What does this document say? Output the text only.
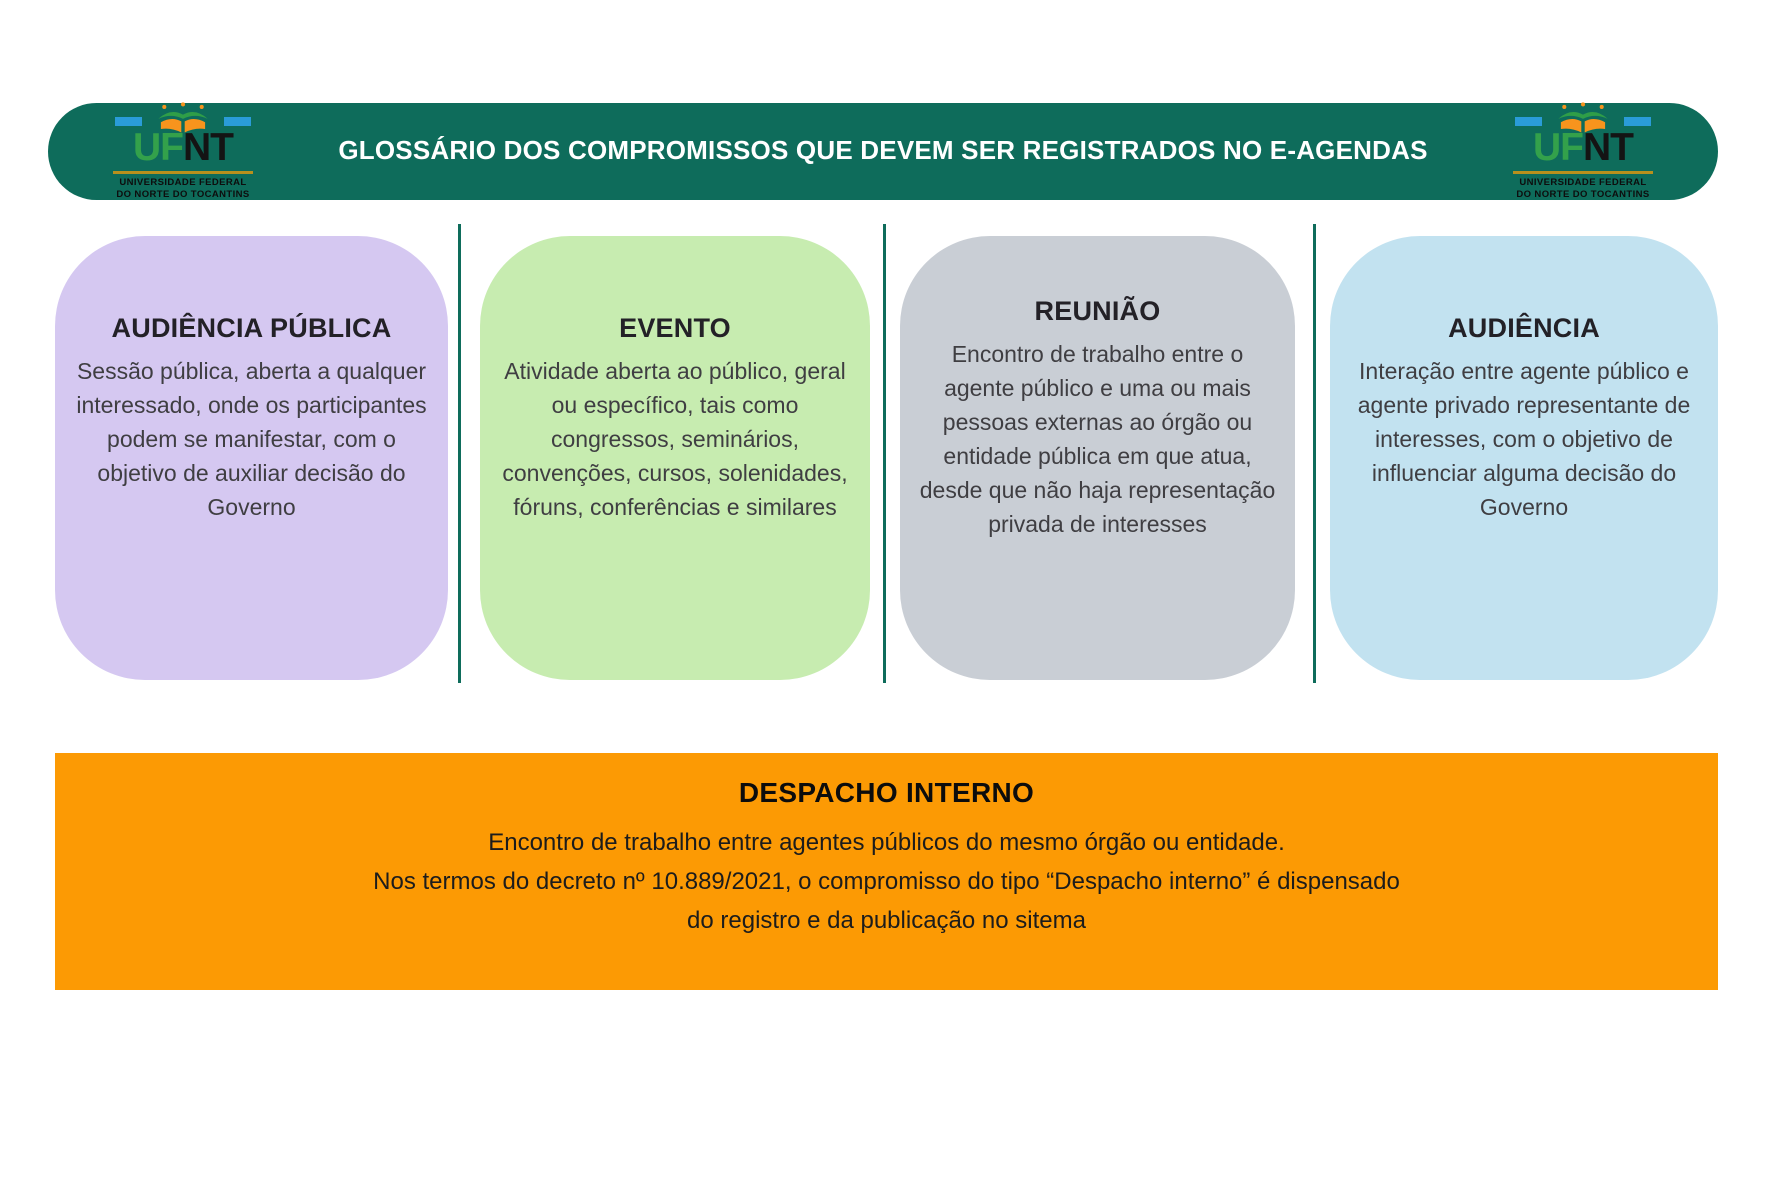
UFNT
UNIVERSIDADE FEDERAL
DO NORTE DO TOCANTINS
GLOSSÁRIO DOS COMPROMISSOS QUE DEVEM SER REGISTRADOS NO E-AGENDAS	UFNT
UNIVERSIDADE FEDERAL
DO NORTE DO TOCANTINS
AUDIÊNCIA PÚBLICA

Sessão pública, aberta a qualquer interessado, onde os participantes podem se manifestar, com o objetivo de auxiliar decisão do Governo

EVENTO

Atividade aberta ao público, geral ou específico, tais como congressos, seminários, convenções, cursos, solenidades, fóruns, conferências e similares

REUNIÃO

Encontro de trabalho entre o agente público e uma ou mais pessoas externas ao órgão ou entidade pública em que atua, desde que não haja representação privada de interesses

AUDIÊNCIA

Interação entre agente público e agente privado representante de interesses, com o objetivo de influenciar alguma decisão do Governo

DESPACHO INTERNO

Encontro de trabalho entre agentes públicos do mesmo órgão ou entidade.

Nos termos do decreto nº 10.889/2021, o compromisso do tipo “Despacho interno” é dispensado

do registro e da publicação no sitema
